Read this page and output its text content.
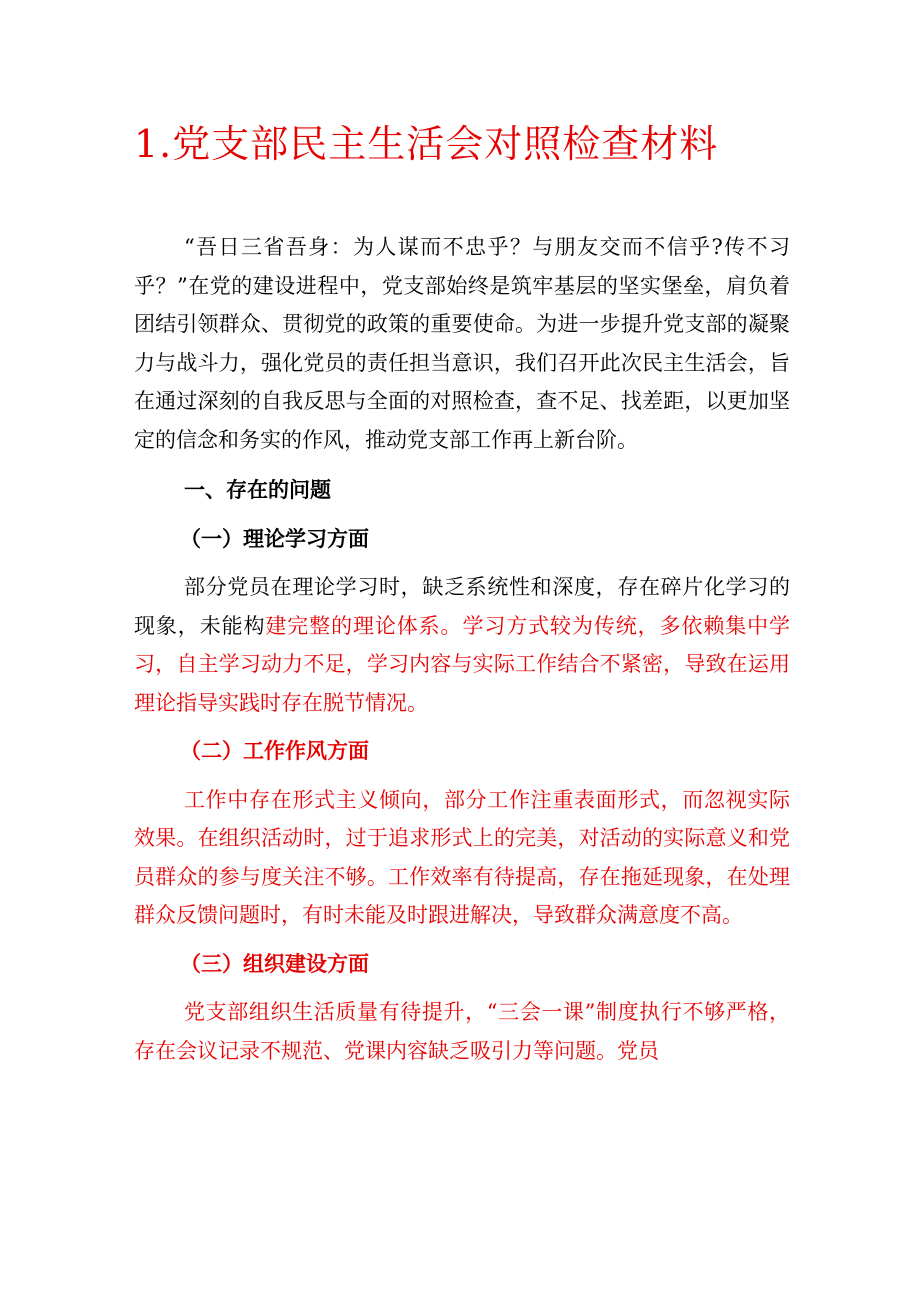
1.党支部民主生活会对照检查材料

“吾日三省吾身：为人谋而不忠乎？与朋友交而不信乎?传不习乎？”在党的建设进程中，党支部始终是筑牢基层的坚实堡垒，肩负着团结引领群众、贯彻党的政策的重要使命。为进一步提升党支部的凝聚力与战斗力，强化党员的责任担当意识，我们召开此次民主生活会，旨在通过深刻的自我反思与全面的对照检查，查不足、找差距，以更加坚定的信念和务实的作风，推动党支部工作再上新台阶。

一、存在的问题

（一）理论学习方面

部分党员在理论学习时，缺乏系统性和深度，存在碎片化学习的现象，未能构建完整的理论体系。学习方式较为传统，多依赖集中学习，自主学习动力不足，学习内容与实际工作结合不紧密，导致在运用理论指导实践时存在脱节情况。

（二）工作作风方面

工作中存在形式主义倾向，部分工作注重表面形式，而忽视实际效果。在组织活动时，过于追求形式上的完美，对活动的实际意义和党员群众的参与度关注不够。工作效率有待提高，存在拖延现象，在处理群众反馈问题时，有时未能及时跟进解决，导致群众满意度不高。

（三）组织建设方面

党支部组织生活质量有待提升，“三会一课”制度执行不够严格，存在会议记录不规范、党课内容缺乏吸引力等问题。党员
